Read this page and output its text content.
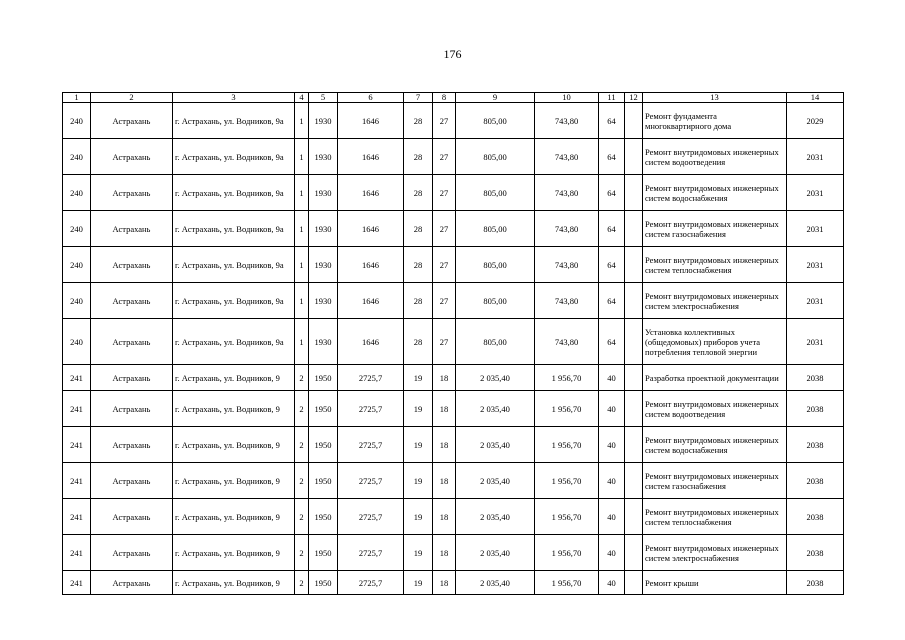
176
1	2	3	4	5	6	7	8	9	10	11	12	13	14
240	Астрахань	г. Астрахань, ул. Водников, 9а	1	1930	1646	28	27	805,00	743,80	64		Ремонт фундамента многоквартирного дома	2029
240	Астрахань	г. Астрахань, ул. Водников, 9а	1	1930	1646	28	27	805,00	743,80	64		Ремонт внутридомовых инженерных систем водоотведения	2031
240	Астрахань	г. Астрахань, ул. Водников, 9а	1	1930	1646	28	27	805,00	743,80	64		Ремонт внутридомовых инженерных систем водоснабжения	2031
240	Астрахань	г. Астрахань, ул. Водников, 9а	1	1930	1646	28	27	805,00	743,80	64		Ремонт внутридомовых инженерных систем газоснабжения	2031
240	Астрахань	г. Астрахань, ул. Водников, 9а	1	1930	1646	28	27	805,00	743,80	64		Ремонт внутридомовых инженерных систем теплоснабжения	2031
240	Астрахань	г. Астрахань, ул. Водников, 9а	1	1930	1646	28	27	805,00	743,80	64		Ремонт внутридомовых инженерных систем электроснабжения	2031
240	Астрахань	г. Астрахань, ул. Водников, 9а	1	1930	1646	28	27	805,00	743,80	64		Установка коллективных (общедомовых) приборов учета потребления тепловой энергии	2031
241	Астрахань	г. Астрахань, ул. Водников, 9	2	1950	2725,7	19	18	2 035,40	1 956,70	40		Разработка проектной документации	2038
241	Астрахань	г. Астрахань, ул. Водников, 9	2	1950	2725,7	19	18	2 035,40	1 956,70	40		Ремонт внутридомовых инженерных систем водоотведения	2038
241	Астрахань	г. Астрахань, ул. Водников, 9	2	1950	2725,7	19	18	2 035,40	1 956,70	40		Ремонт внутридомовых инженерных систем водоснабжения	2038
241	Астрахань	г. Астрахань, ул. Водников, 9	2	1950	2725,7	19	18	2 035,40	1 956,70	40		Ремонт внутридомовых инженерных систем газоснабжения	2038
241	Астрахань	г. Астрахань, ул. Водников, 9	2	1950	2725,7	19	18	2 035,40	1 956,70	40		Ремонт внутридомовых инженерных систем теплоснабжения	2038
241	Астрахань	г. Астрахань, ул. Водников, 9	2	1950	2725,7	19	18	2 035,40	1 956,70	40		Ремонт внутридомовых инженерных систем электроснабжения	2038
241	Астрахань	г. Астрахань, ул. Водников, 9	2	1950	2725,7	19	18	2 035,40	1 956,70	40		Ремонт крыши	2038
